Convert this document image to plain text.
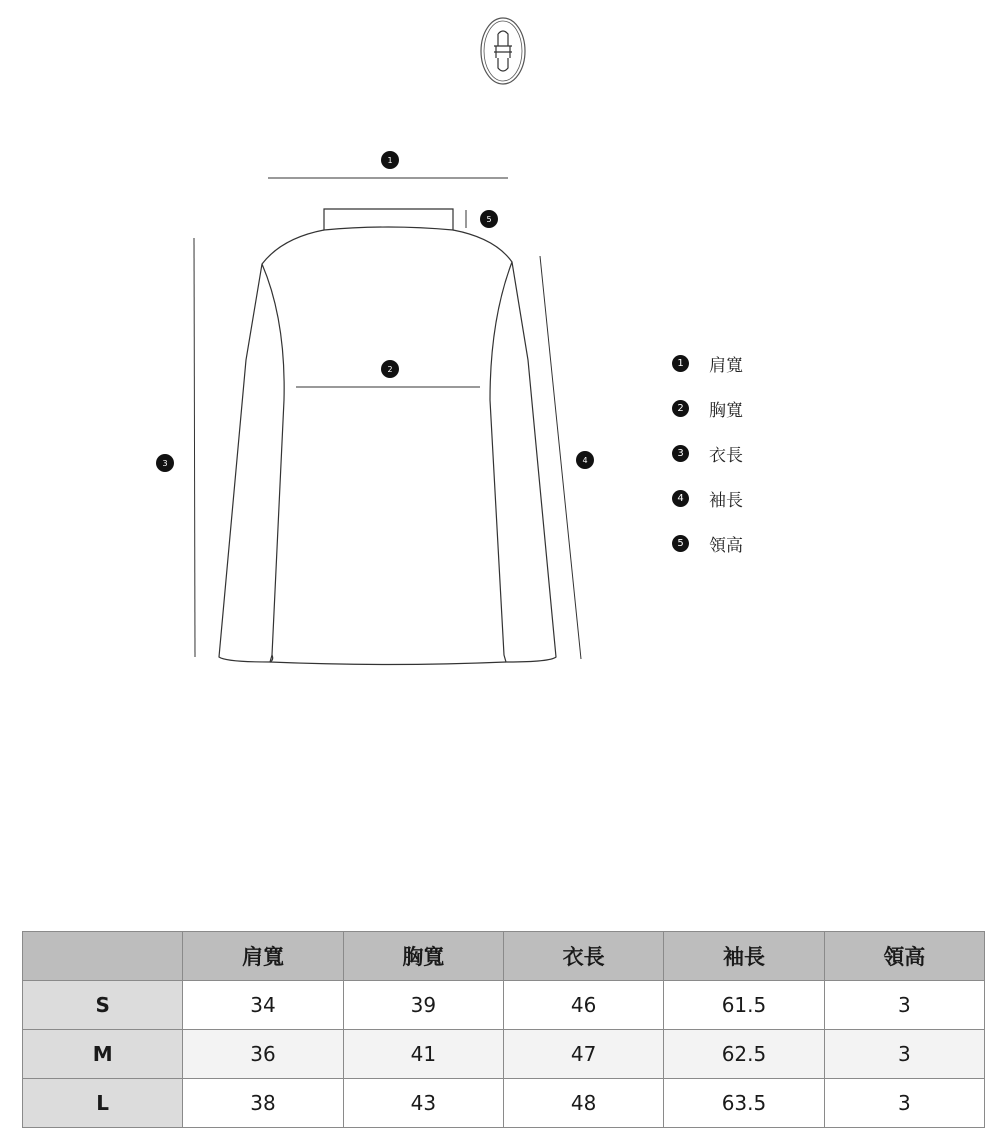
1
2
3	4
5
1	肩寬
2	胸寬
3	衣長
4	袖長
5	領高
	肩寬	胸寬	衣長	袖長	領高
S	34	39	46	61.5	3
M	36	41	47	62.5	3
L	38	43	48	63.5	3
